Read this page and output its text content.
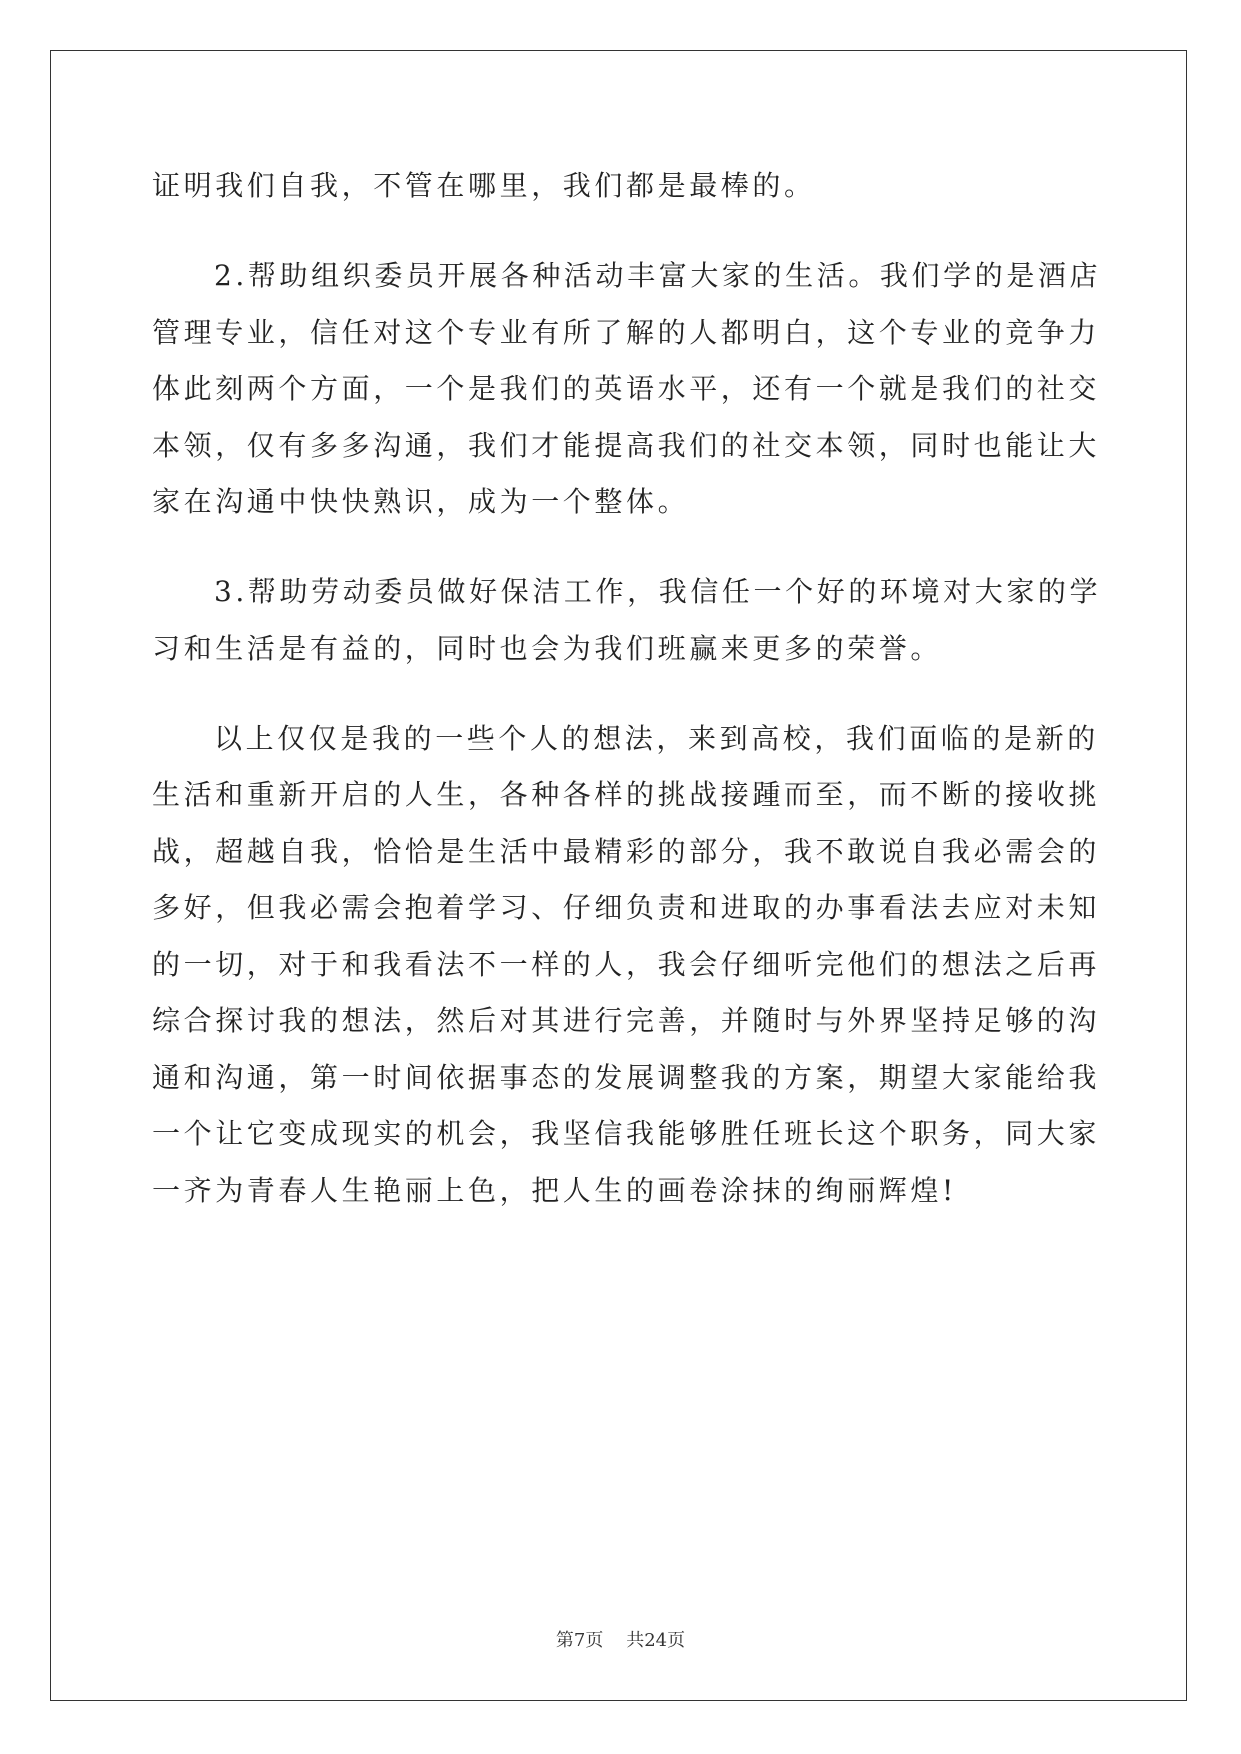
证明我们自我，不管在哪里，我们都是最棒的。
2.帮助组织委员开展各种活动丰富大家的生活。我们学的是酒店
管理专业，信任对这个专业有所了解的人都明白，这个专业的竞争力
体此刻两个方面，一个是我们的英语水平，还有一个就是我们的社交
本领，仅有多多沟通，我们才能提高我们的社交本领，同时也能让大
家在沟通中快快熟识，成为一个整体。
3.帮助劳动委员做好保洁工作，我信任一个好的环境对大家的学
习和生活是有益的，同时也会为我们班赢来更多的荣誉。
以上仅仅是我的一些个人的想法，来到高校，我们面临的是新的
生活和重新开启的人生，各种各样的挑战接踵而至，而不断的接收挑
战，超越自我，恰恰是生活中最精彩的部分，我不敢说自我必需会的
多好，但我必需会抱着学习、仔细负责和进取的办事看法去应对未知
的一切，对于和我看法不一样的人，我会仔细听完他们的想法之后再
综合探讨我的想法，然后对其进行完善，并随时与外界坚持足够的沟
通和沟通，第一时间依据事态的发展调整我的方案，期望大家能给我
一个让它变成现实的机会，我坚信我能够胜任班长这个职务，同大家
一齐为青春人生艳丽上色，把人生的画卷涂抹的绚丽辉煌!
第7页    共24页
